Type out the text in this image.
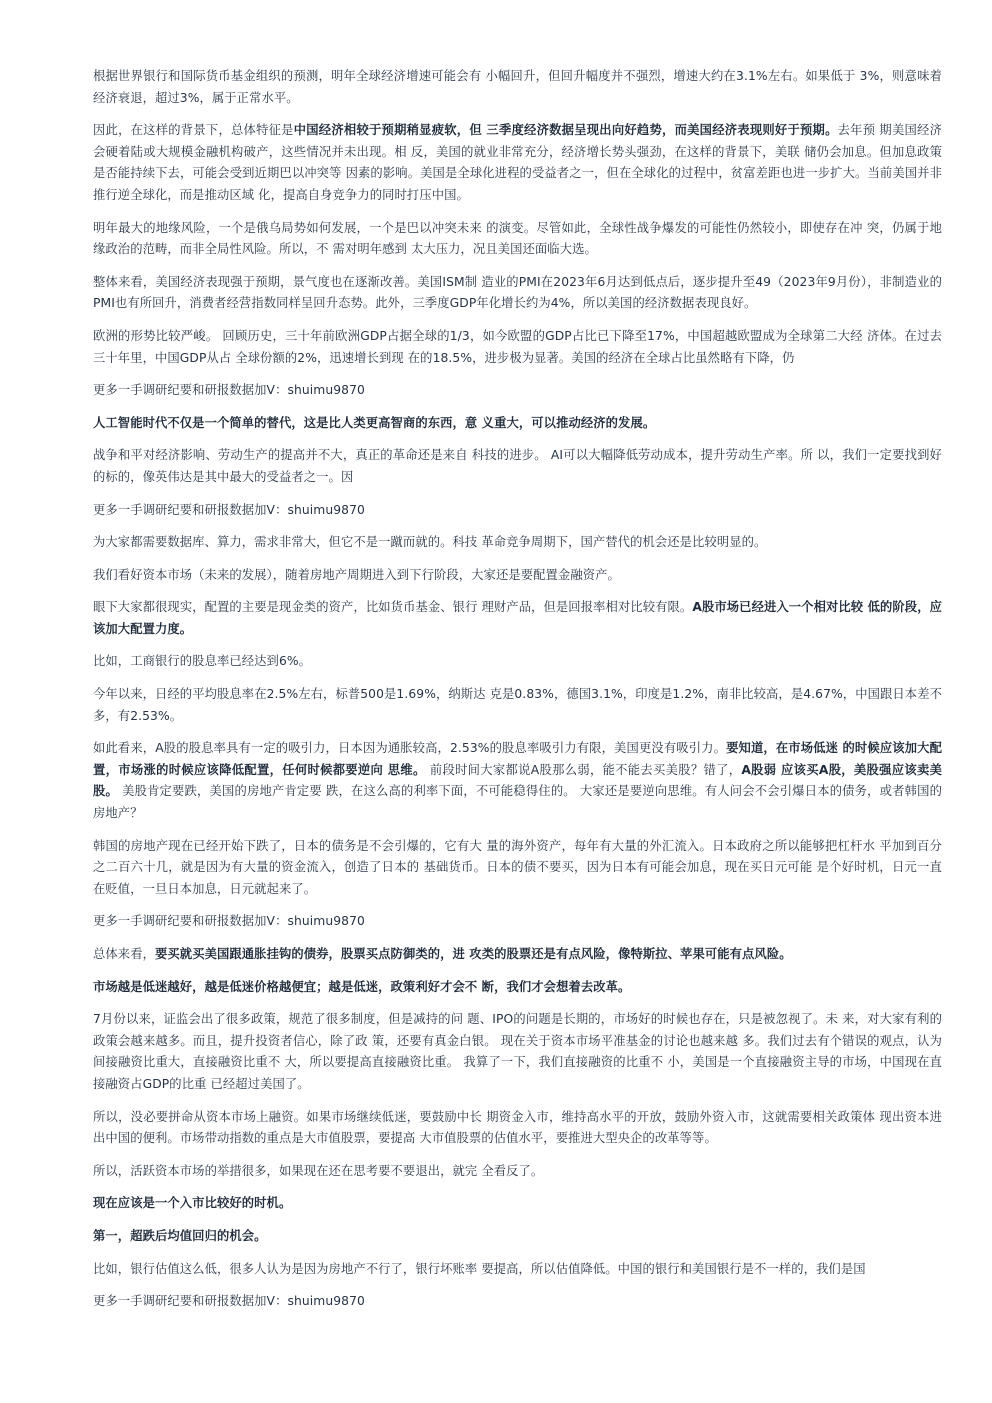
根据世界银行和国际货币基金组织的预测，明年全球经济增速可能会有 小幅回升，但回升幅度并不强烈，增速大约在3.1%左右。如果低于 3%，则意味着经济衰退，超过3%，属于正常水平。

因此，在这样的背景下，总体特征是中国经济相较于预期稍显疲软，但 三季度经济数据呈现出向好趋势，而美国经济表现则好于预期。去年预 期美国经济会硬着陆或大规模金融机构破产，这些情况并未出现。相 反，美国的就业非常充分，经济增长势头强劲，在这样的背景下，美联 储仍会加息。但加息政策是否能持续下去，可能会受到近期巴以冲突等 因素的影响。美国是全球化进程的受益者之一，但在全球化的过程中，贫富差距也进一步扩大。当前美国并非推行逆全球化，而是推动区域 化，提高自身竞争力的同时打压中国。

明年最大的地缘风险，一个是俄乌局势如何发展，一个是巴以冲突未来 的演变。尽管如此，全球性战争爆发的可能性仍然较小，即使存在冲 突，仍属于地缘政治的范畴，而非全局性风险。所以，不 需对明年感到 太大压力，况且美国还面临大选。

整体来看，美国经济表现强于预期，景气度也在逐渐改善。美国ISM制 造业的PMI在2023年6月达到低点后，逐步提升至49（2023年9月份），非制造业的PMI也有所回升，消费者经营指数同样呈回升态势。此外，三季度GDP年化增长约为4%，所以美国的经济数据表现良好。

欧洲的形势比较严峻。 回顾历史，三十年前欧洲GDP占据全球的1/3，如今欧盟的GDP占比已下降至17%，中国超越欧盟成为全球第二大经 济体。在过去三十年里，中国GDP从占 全球份额的2%，迅速增长到现 在的18.5%，进步极为显著。美国的经济在全球占比虽然略有下降，仍

更多一手调研纪要和研报数据加V：shuimu9870

人工智能时代不仅是一个简单的替代，这是比人类更高智商的东西，意 义重大，可以推动经济的发展。

战争和平对经济影响、劳动生产的提高并不大，真正的革命还是来自 科技的进步。 AI可以大幅降低劳动成本，提升劳动生产率。所 以，我们一定要找到好的标的，像英伟达是其中最大的受益者之一。因

更多一手调研纪要和研报数据加V：shuimu9870

为大家都需要数据库、算力，需求非常大，但它不是一蹴而就的。科技 革命竞争周期下，国产替代的机会还是比较明显的。

我们看好资本市场（未来的发展），随着房地产周期进入到下行阶段，大家还是要配置金融资产。

眼下大家都很现实，配置的主要是现金类的资产，比如货币基金、银行 理财产品，但是回报率相对比较有限。A股市场已经进入一个相对比较 低的阶段，应该加大配置力度。

比如，工商银行的股息率已经达到6%。

今年以来，日经的平均股息率在2.5%左右，标普500是1.69%，纳斯达 克是0.83%，德国3.1%，印度是1.2%，南非比较高，是4.67%，中国跟日本差不多，有2.53%。

如此看来，A股的股息率具有一定的吸引力，日本因为通胀较高，2.53%的股息率吸引力有限，美国更没有吸引力。要知道，在市场低迷 的时候应该加大配置，市场涨的时候应该降低配置，任何时候都要逆向 思维。 前段时间大家都说A股那么弱，能不能去买美股？错了，A股弱 应该买A股，美股强应该卖美股。 美股肯定要跌，美国的房地产肯定要 跌，在这么高的利率下面，不可能稳得住的。 大家还是要逆向思维。有人问会不会引爆日本的债务，或者韩国的房地产？

韩国的房地产现在已经开始下跌了，日本的债务是不会引爆的，它有大 量的海外资产，每年有大量的外汇流入。日本政府之所以能够把杠杆水 平加到百分之二百六十几，就是因为有大量的资金流入，创造了日本的 基础货币。日本的债不要买，因为日本有可能会加息，现在买日元可能 是个好时机，日元一直在贬值，一旦日本加息，日元就起来了。

更多一手调研纪要和研报数据加V：shuimu9870

总体来看，要买就买美国跟通胀挂钩的债券，股票买点防御类的，进 攻类的股票还是有点风险，像特斯拉、苹果可能有点风险。

市场越是低迷越好，越是低迷价格越便宜；越是低迷，政策利好才会不 断，我们才会想着去改革。

7月份以来，证监会出了很多政策，规范了很多制度，但是减持的问 题、IPO的问题是长期的，市场好的时候也存在，只是被忽视了。未 来，对大家有利的政策会越来越多。而且，提升投资者信心，除了政 策，还要有真金白银。 现在关于资本市场平准基金的讨论也越来越 多。我们过去有个错误的观点，认为间接融资比重大，直接融资比重不 大，所以要提高直接融资比重。 我算了一下，我们直接融资的比重不 小，美国是一个直接融资主导的市场，中国现在直接融资占GDP的比重 已经超过美国了。

所以，没必要拼命从资本市场上融资。如果市场继续低迷，要鼓励中长 期资金入市，维持高水平的开放，鼓励外资入市，这就需要相关政策体 现出资本进出中国的便利。市场带动指数的重点是大市值股票，要提高 大市值股票的估值水平，要推进大型央企的改革等等。

所以，活跃资本市场的举措很多，如果现在还在思考要不要退出，就完 全看反了。

现在应该是一个入市比较好的时机。

第一，超跌后均值回归的机会。

比如，银行估值这么低，很多人认为是因为房地产不行了，银行坏账率 要提高，所以估值降低。中国的银行和美国银行是不一样的，我们是国

更多一手调研纪要和研报数据加V：shuimu9870
